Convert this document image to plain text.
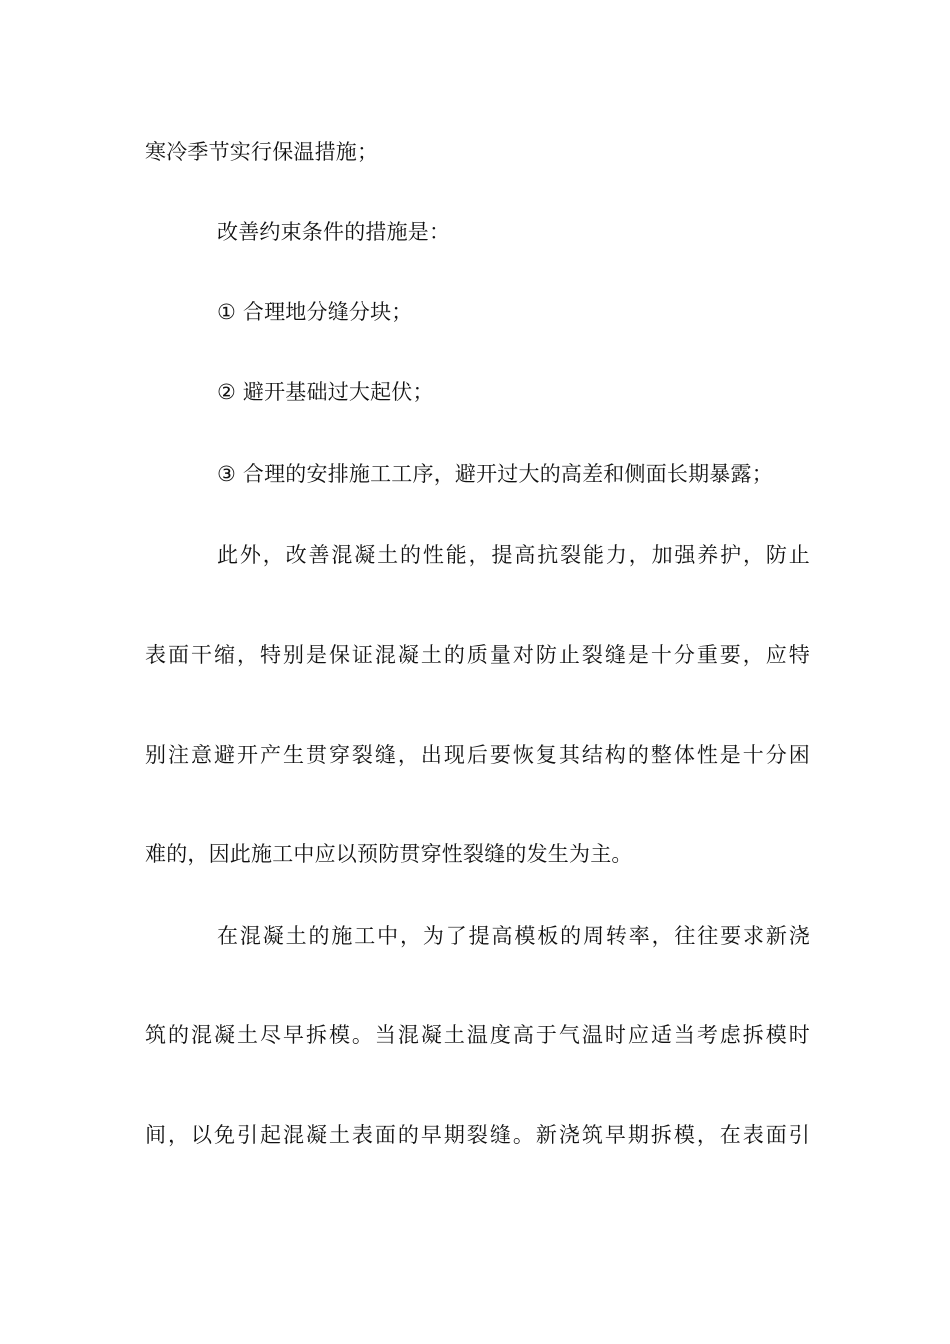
寒冷季节实行保温措施；
改善约束条件的措施是：
① 合理地分缝分块；
② 避开基础过大起伏；
③ 合理的安排施工工序，避开过大的高差和侧面长期暴露；
此外，改善混凝土的性能，提高抗裂能力，加强养护，防止
表面干缩，特别是保证混凝土的质量对防止裂缝是十分重要，应特
别注意避开产生贯穿裂缝，出现后要恢复其结构的整体性是十分困
难的，因此施工中应以预防贯穿性裂缝的发生为主。
在混凝土的施工中，为了提高模板的周转率，往往要求新浇
筑的混凝土尽早拆模。当混凝土温度高于气温时应适当考虑拆模时
间，以免引起混凝土表面的早期裂缝。新浇筑早期拆模，在表面引
